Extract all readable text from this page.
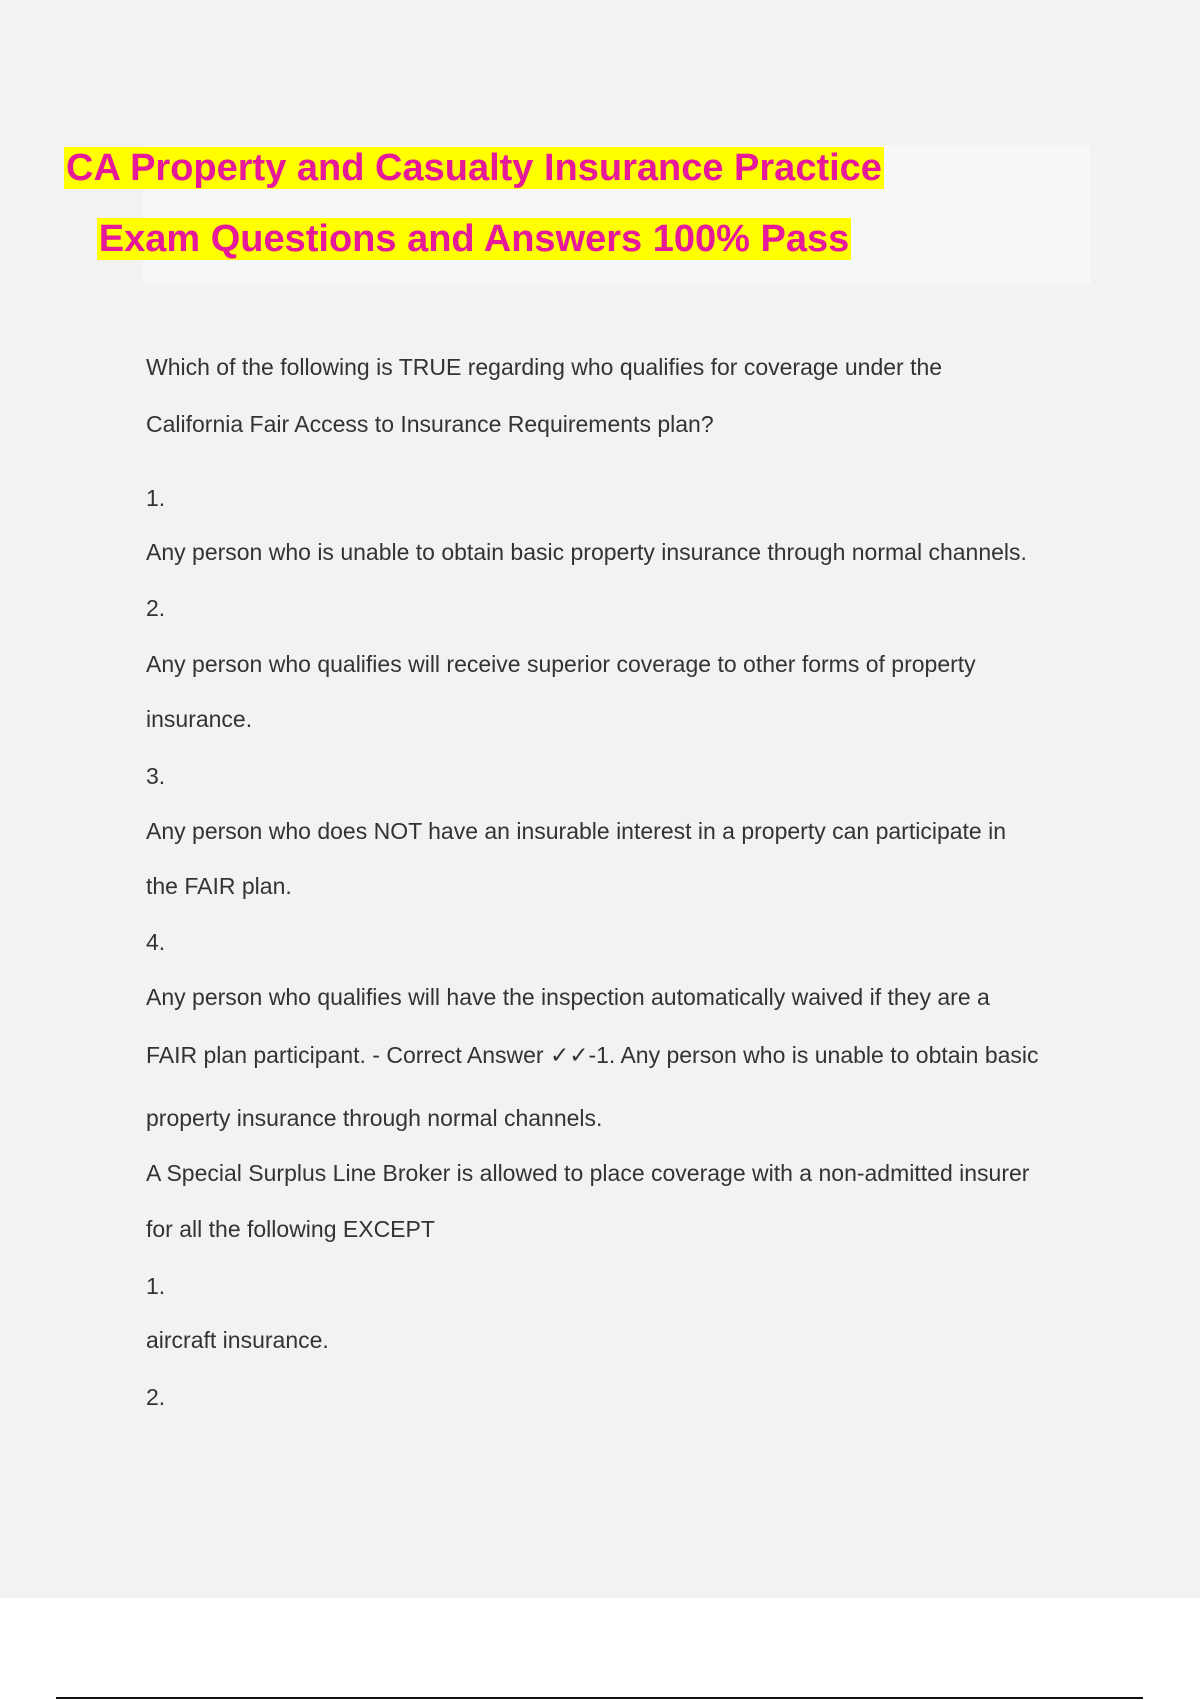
CA Property and Casualty Insurance Practice
Exam Questions and Answers 100% Pass
Which of the following is TRUE regarding who qualifies for coverage under the
California Fair Access to Insurance Requirements plan?
1.
Any person who is unable to obtain basic property insurance through normal channels.
2.
Any person who qualifies will receive superior coverage to other forms of property
insurance.
3.
Any person who does NOT have an insurable interest in a property can participate in
the FAIR plan.
4.
Any person who qualifies will have the inspection automatically waived if they are a
FAIR plan participant. - Correct Answer ✓✓-1. Any person who is unable to obtain basic
property insurance through normal channels.
A Special Surplus Line Broker is allowed to place coverage with a non-admitted insurer
for all the following EXCEPT
1.
aircraft insurance.
2.
